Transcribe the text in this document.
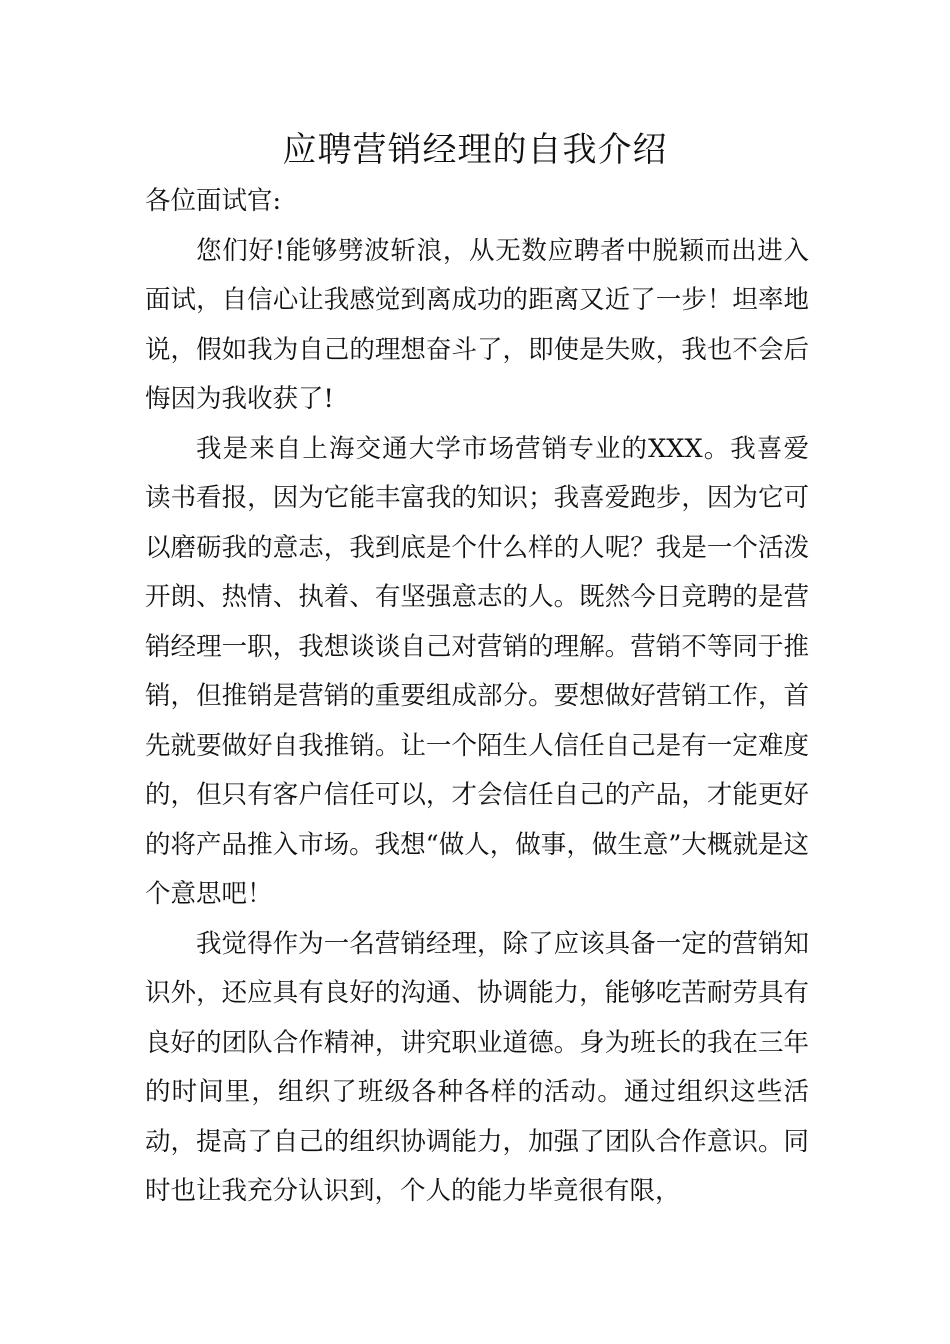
应聘营销经理的自我介绍

各位面试官:

您们好!能够劈波斩浪，从无数应聘者中脱颖而出进入面试，自信心让我感觉到离成功的距离又近了一步！坦率地说，假如我为自己的理想奋斗了，即使是失败，我也不会后悔因为我收获了!

我是来自上海交通大学市场营销专业的XXX。我喜爱读书看报，因为它能丰富我的知识；我喜爱跑步，因为它可以磨砺我的意志，我到底是个什么样的人呢？我是一个活泼开朗、热情、执着、有坚强意志的人。既然今日竞聘的是营销经理一职，我想谈谈自己对营销的理解。营销不等同于推销，但推销是营销的重要组成部分。要想做好营销工作，首先就要做好自我推销。让一个陌生人信任自己是有一定难度的，但只有客户信任可以，才会信任自己的产品，才能更好的将产品推入市场。我想“做人，做事，做生意”大概就是这个意思吧！

我觉得作为一名营销经理，除了应该具备一定的营销知识外，还应具有良好的沟通、协调能力，能够吃苦耐劳具有良好的团队合作精神，讲究职业道德。身为班长的我在三年的时间里，组织了班级各种各样的活动。通过组织这些活动，提高了自己的组织协调能力，加强了团队合作意识。同时也让我充分认识到，个人的能力毕竟很有限，
